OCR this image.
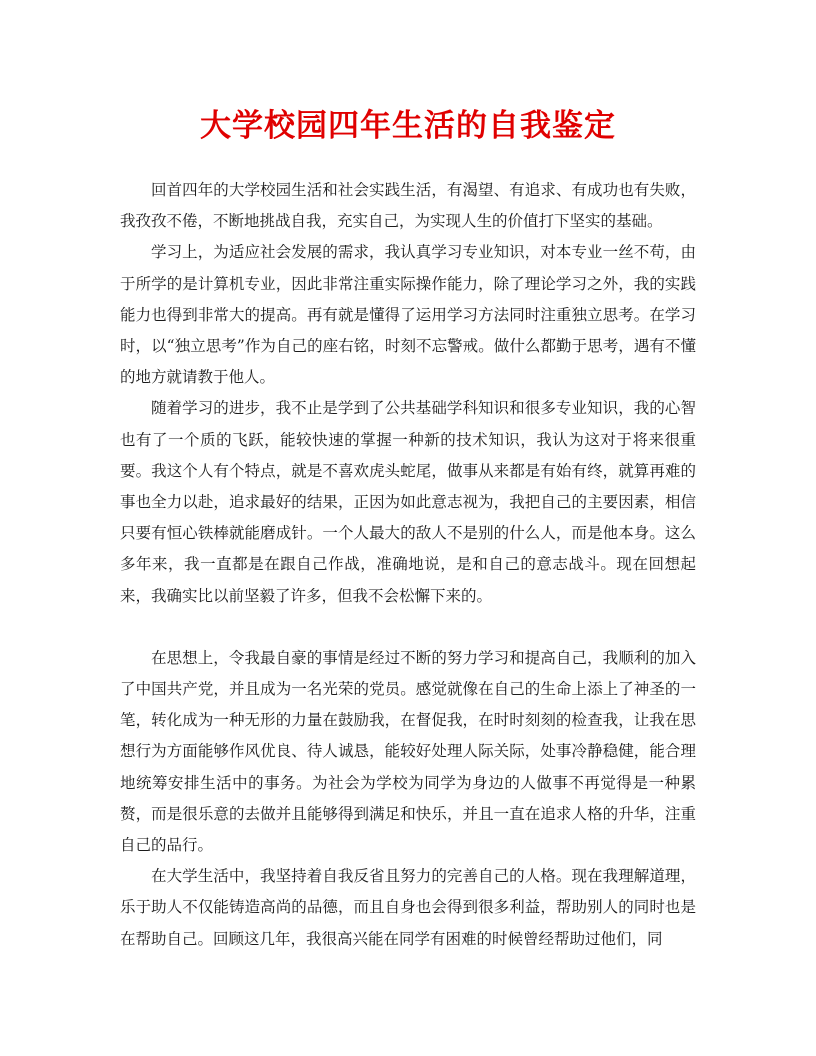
大学校园四年生活的自我鉴定

回首四年的大学校园生活和社会实践生活，有渴望、有追求、有成功也有失败，我孜孜不倦，不断地挑战自我，充实自己，为实现人生的价值打下坚实的基础。

学习上，为适应社会发展的需求，我认真学习专业知识，对本专业一丝不苟，由于所学的是计算机专业，因此非常注重实际操作能力，除了理论学习之外，我的实践能力也得到非常大的提高。再有就是懂得了运用学习方法同时注重独立思考。在学习时，以“独立思考”作为自己的座右铭，时刻不忘警戒。做什么都勤于思考，遇有不懂的地方就请教于他人。

随着学习的进步，我不止是学到了公共基础学科知识和很多专业知识，我的心智也有了一个质的飞跃，能较快速的掌握一种新的技术知识，我认为这对于将来很重要。我这个人有个特点，就是不喜欢虎头蛇尾，做事从来都是有始有终，就算再难的事也全力以赴，追求最好的结果，正因为如此意志视为，我把自己的主要因素，相信只要有恒心铁棒就能磨成针。一个人最大的敌人不是别的什么人，而是他本身。这么多年来，我一直都是在跟自己作战，准确地说，是和自己的意志战斗。现在回想起来，我确实比以前坚毅了许多，但我不会松懈下来的。

在思想上，令我最自豪的事情是经过不断的努力学习和提高自己，我顺利的加入了中国共产党，并且成为一名光荣的党员。感觉就像在自己的生命上添上了神圣的一笔，转化成为一种无形的力量在鼓励我，在督促我，在时时刻刻的检查我，让我在思想行为方面能够作风优良、待人诚恳，能较好处理人际关际，处事冷静稳健，能合理地统筹安排生活中的事务。为社会为学校为同学为身边的人做事不再觉得是一种累赘，而是很乐意的去做并且能够得到满足和快乐，并且一直在追求人格的升华，注重自己的品行。

在大学生活中，我坚持着自我反省且努力的完善自己的人格。现在我理解道理，乐于助人不仅能铸造高尚的品德，而且自身也会得到很多利益，帮助别人的同时也是在帮助自己。回顾这几年，我很高兴能在同学有困难的时候曾经帮助过他们，同
